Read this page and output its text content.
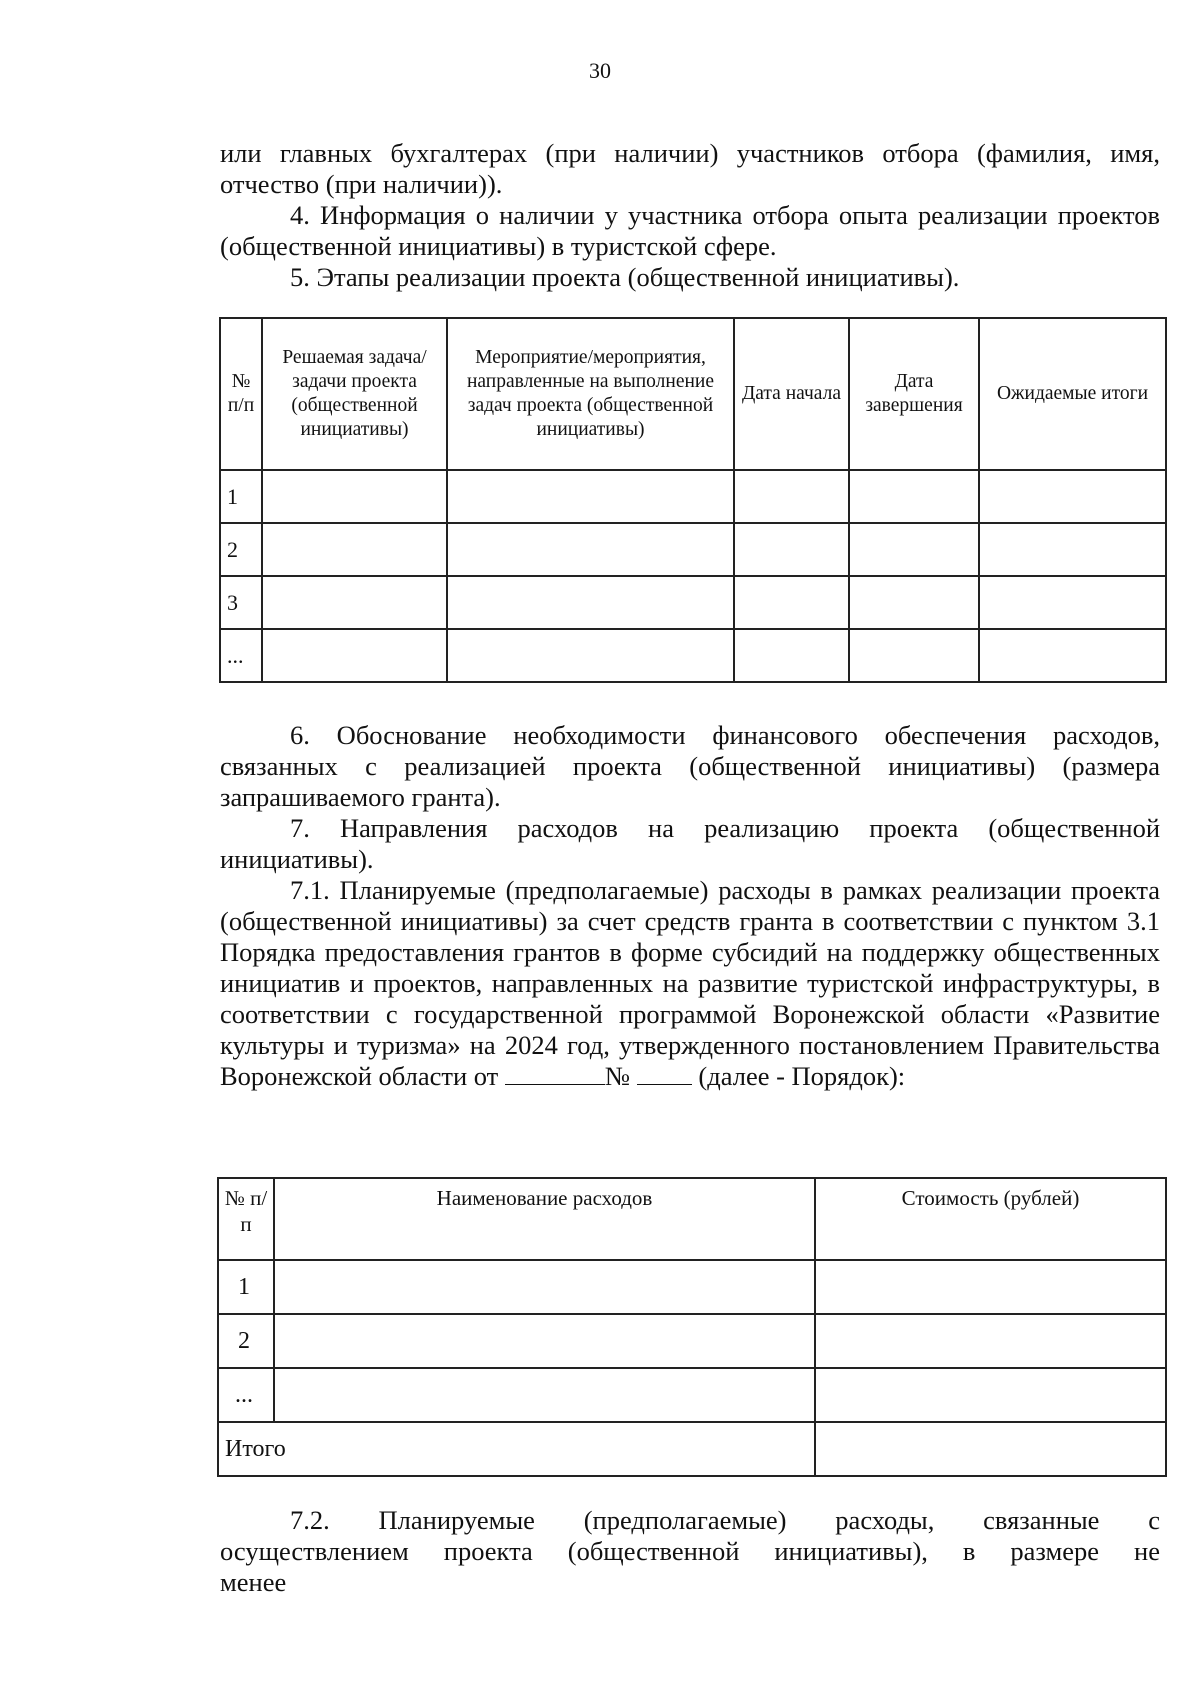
30

или главных бухгалтерах (при наличии) участников отбора (фамилия, имя, отчество (при наличии)).

4. Информация о наличии у участника отбора опыта реализации проектов (общественной инициативы) в туристской сфере.

5. Этапы реализации проекта (общественной инициативы).

№ п/п	Решаемая задача/задачи проекта (общественной инициативы)	Мероприятие/мероприятия, направленные на выполнение задач проекта (общественной инициативы)	Дата начала	Дата завершения	Ожидаемые итоги
1					
2					
3					
...					

6. Обоснование необходимости финансового обеспечения расходов, связанных с реализацией проекта (общественной инициативы) (размера запрашиваемого гранта).

7. Направления расходов на реализацию проекта (общественной инициативы).

7.1. Планируемые (предполагаемые) расходы в рамках реализации проекта (общественной инициативы) за счет средств гранта в соответствии с пунктом 3.1 Порядка предоставления грантов в форме субсидий на поддержку общественных инициатив и проектов, направленных на развитие туристской инфраструктуры, в соответствии с государственной программой Воронежской области «Развитие культуры и туризма» на 2024 год, утвержденного постановлением Правительства Воронежской области от	№	(далее - Порядок):

№ п/п	Наименование расходов	Стоимость (рублей)
1		
2		
...		
Итого		

7.2. Планируемые (предполагаемые) расходы, связанные с осуществлением проекта (общественной инициативы), в размере не менее
